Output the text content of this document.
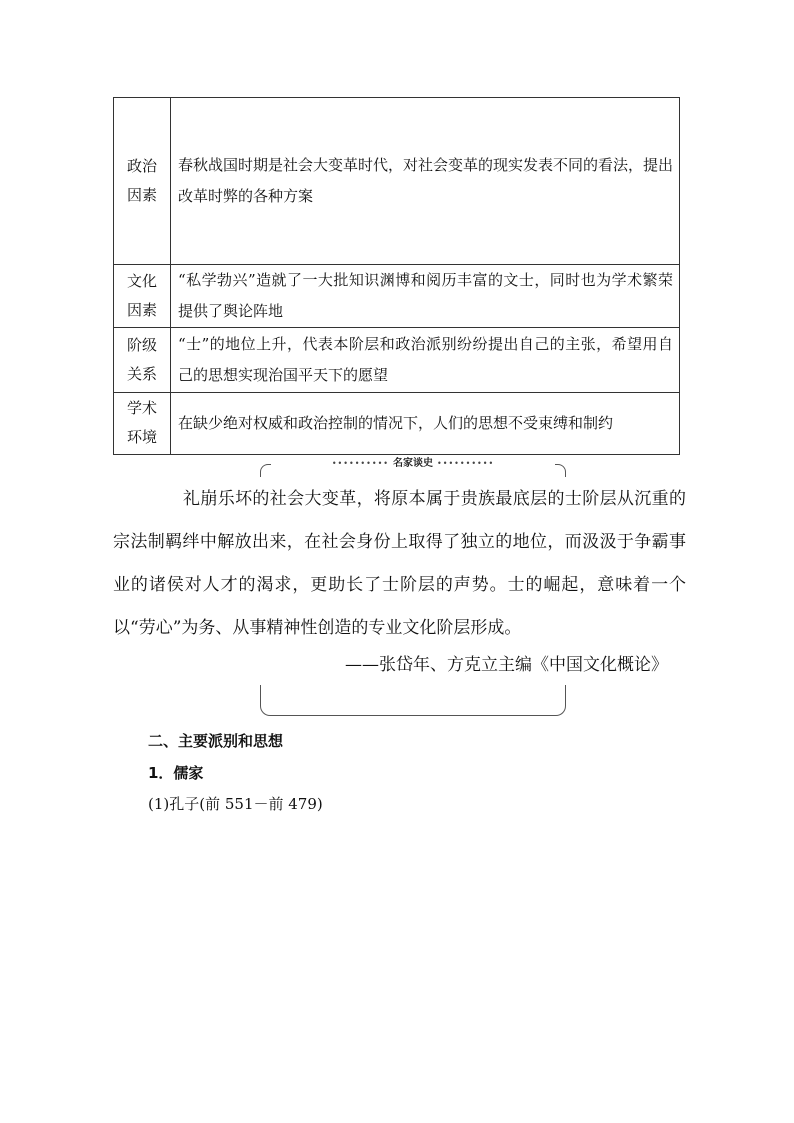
政治因素	春秋战国时期是社会大变革时代，对社会变革的现实发表不同的看法，提出改革时弊的各种方案
文化因素	“私学勃兴”造就了一大批知识渊博和阅历丰富的文士，同时也为学术繁荣提供了舆论阵地
阶级关系	“士”的地位上升，代表本阶层和政治派别纷纷提出自己的主张，希望用自己的思想实现治国平天下的愿望
学术环境	在缺少绝对权威和政治控制的情况下，人们的思想不受束缚和制约
•••••••••• 名家谈史 ••••••••••

礼崩乐坏的社会大变革，将原本属于贵族最底层的士阶层从沉重的宗法制羁绊中解放出来，在社会身份上取得了独立的地位，而汲汲于争霸事业的诸侯对人才的渴求，更助长了士阶层的声势。士的崛起，意味着一个以“劳心”为务、从事精神性创造的专业文化阶层形成。

——张岱年、方克立主编《中国文化概论》

二、主要派别和思想

1．儒家

(1)孔子(前 551－前 479)
